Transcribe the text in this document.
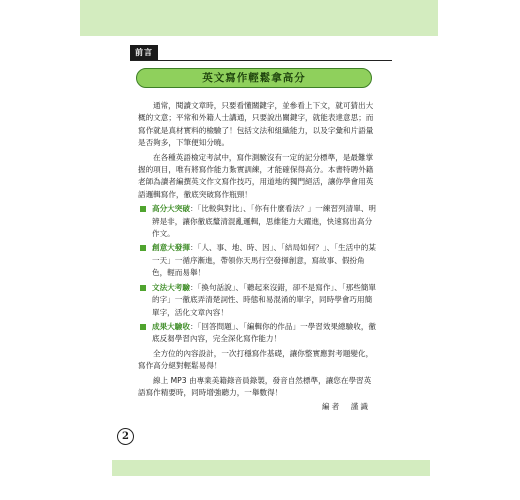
前言
英文寫作輕鬆拿高分

通常，閱讀文章時，只要看懂關鍵字，並參看上下文，就可猜出大概的文意；平常和外籍人士講通，只要說出關鍵字，就能表達意思；而寫作就是真材實料的檢驗了！包括文法和組織能力，以及字彙和片語量是否夠多，下筆便知分曉。

在各種英語檢定考試中，寫作測驗沒有一定的記分標準，是最難掌握的項目，唯有將寫作能力紮實訓練，才能確保得高分。本書特聘外籍老師為讀者編撰英文作文寫作技巧，用道地的獨門絕活，讓你學會用英語邏輯寫作，徹底突破寫作瓶頸！

高分大突破：「比較與對比」、「你有什麼看法？」一練習列清單、明辨是非，讓你徹底釐清混亂邏輯，思維能力大躍進，快速寫出高分作文。
創意大發揮：「人、事、地、時、因」、「結局如何？」、「生活中的某一天」一循序漸進，帶領你天馬行空發揮創意，寫故事、假扮角色，輕而易舉！
文法大考驗：「換句話說」、「聽起來沒錯，卻不是寫作」、「那些簡單的字」一徹底弄清楚詞性、時態和易混淆的單字，同時學會巧用簡單字，活化文章內容！
成果大驗收：「回答問題」、「編輯你的作品」一學習效果總驗收，徹底反芻學習內容，完全深化寫作能力！

全方位的內容設計，一次打穩寫作基礎，讓你整實應對考題變化，寫作高分絕對輕鬆易得！

線上 MP3 由專業美籍錄音員錄製，發音自然標準，讓您在學習英語寫作精要時，同時增強聽力，一舉數得！

編者　謹識

2
